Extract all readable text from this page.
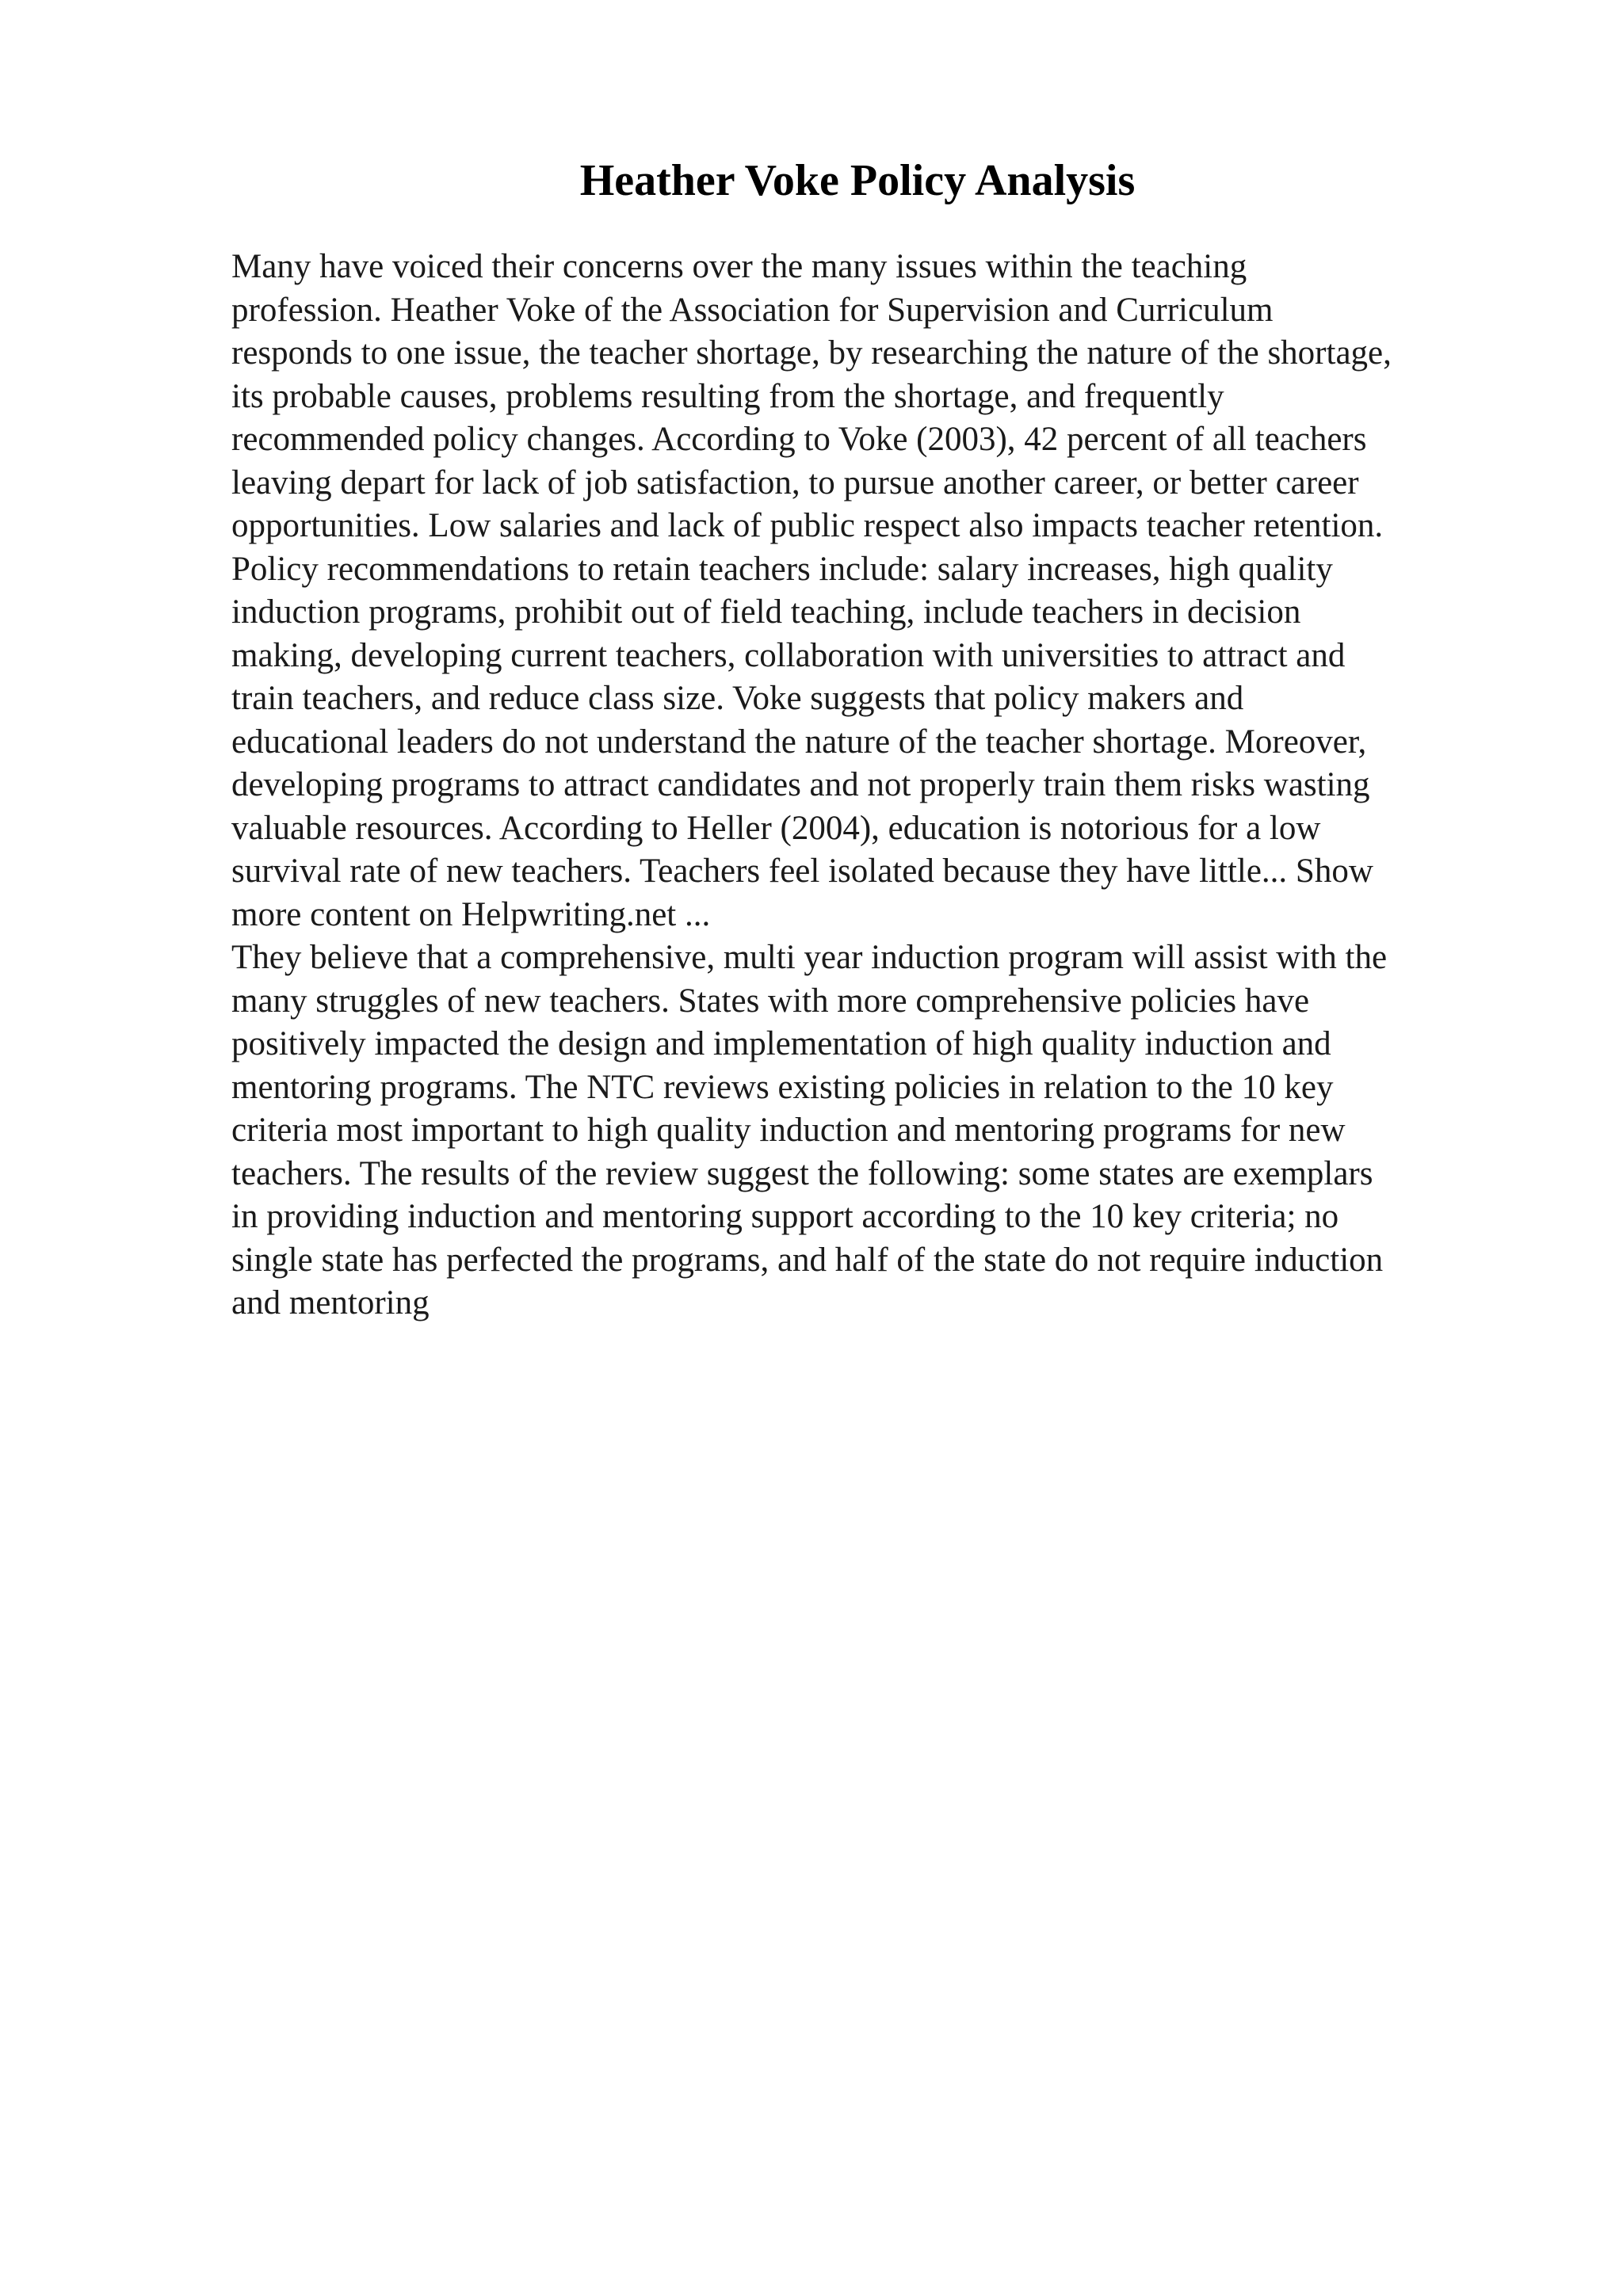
Heather Voke Policy Analysis
Many have voiced their concerns over the many issues within the teaching
profession. Heather Voke of the Association for Supervision and Curriculum
responds to one issue, the teacher shortage, by researching the nature of the shortage,
its probable causes, problems resulting from the shortage, and frequently
recommended policy changes. According to Voke (2003), 42 percent of all teachers
leaving depart for lack of job satisfaction, to pursue another career, or better career
opportunities. Low salaries and lack of public respect also impacts teacher retention.
Policy recommendations to retain teachers include: salary increases, high quality
induction programs, prohibit out of field teaching, include teachers in decision
making, developing current teachers, collaboration with universities to attract and
train teachers, and reduce class size. Voke suggests that policy makers and
educational leaders do not understand the nature of the teacher shortage. Moreover,
developing programs to attract candidates and not properly train them risks wasting
valuable resources. According to Heller (2004), education is notorious for a low
survival rate of new teachers. Teachers feel isolated because they have little... Show
more content on Helpwriting.net ...
They believe that a comprehensive, multi year induction program will assist with the
many struggles of new teachers. States with more comprehensive policies have
positively impacted the design and implementation of high quality induction and
mentoring programs. The NTC reviews existing policies in relation to the 10 key
criteria most important to high quality induction and mentoring programs for new
teachers. The results of the review suggest the following: some states are exemplars
in providing induction and mentoring support according to the 10 key criteria; no
single state has perfected the programs, and half of the state do not require induction
and mentoring
